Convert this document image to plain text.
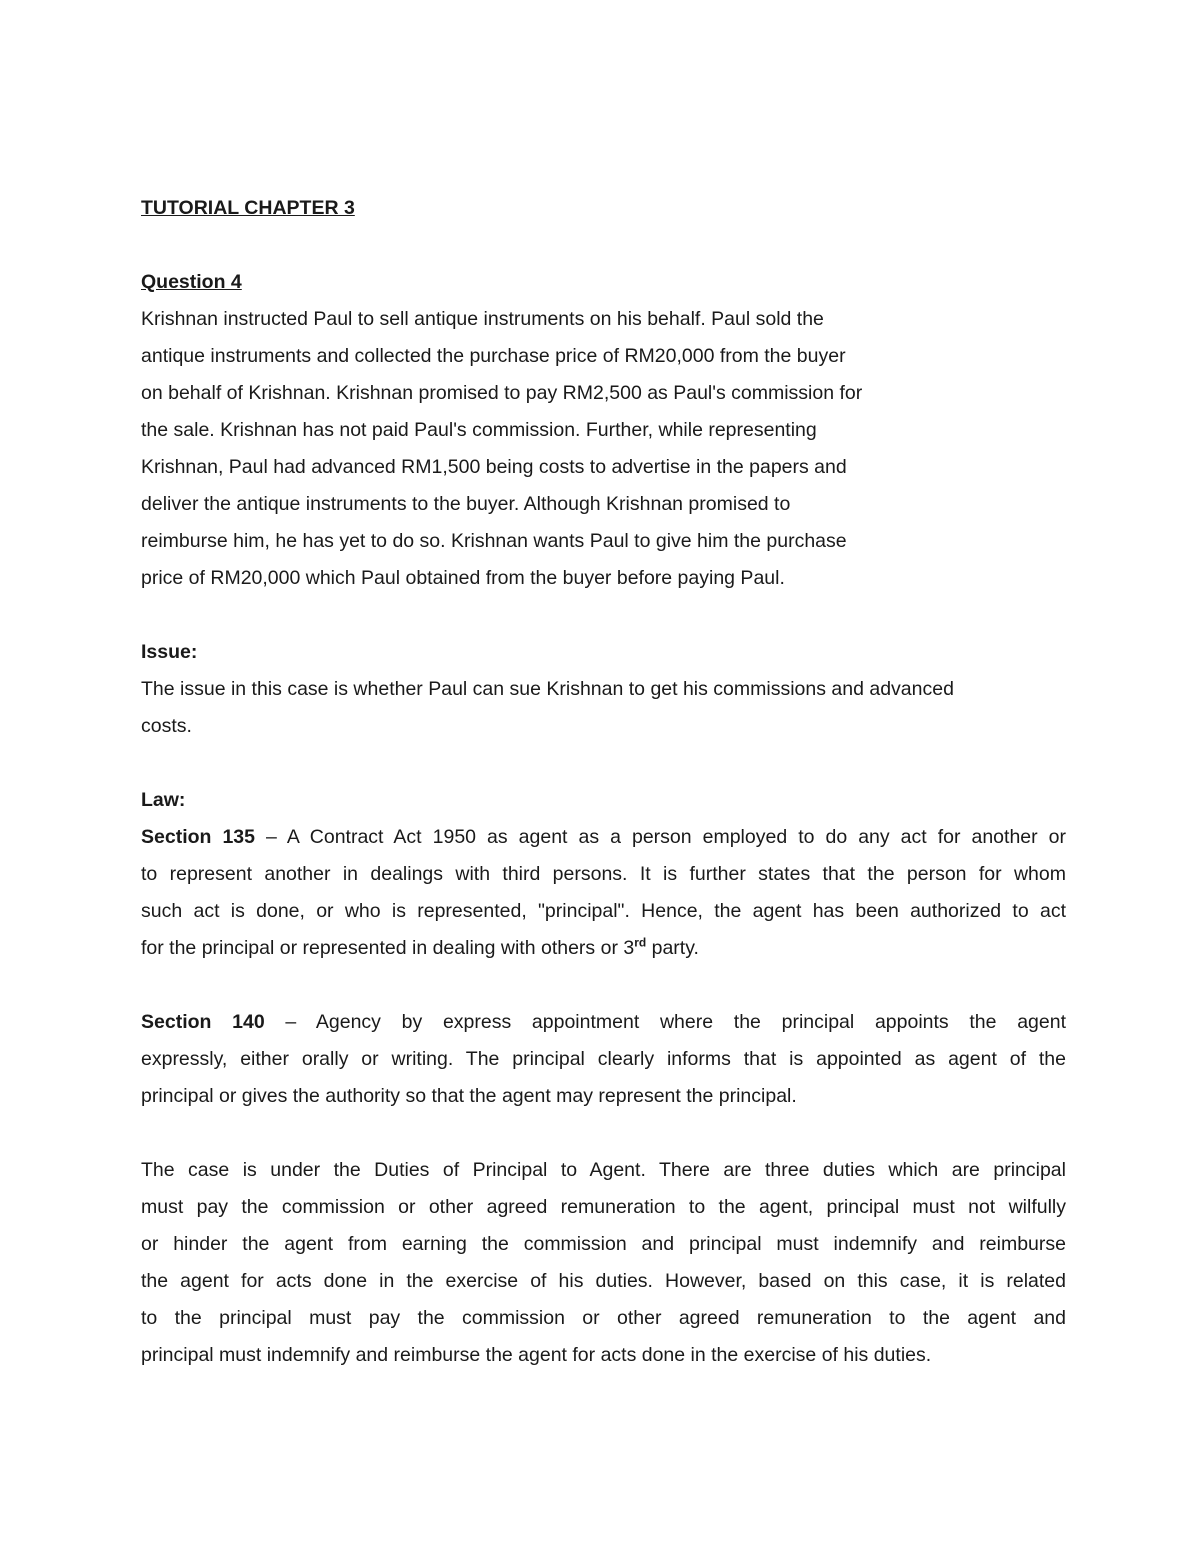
TUTORIAL CHAPTER 3
Question 4
Krishnan instructed Paul to sell antique instruments on his behalf. Paul sold the
antique instruments and collected the purchase price of RM20,000 from the buyer
on behalf of Krishnan. Krishnan promised to pay RM2,500 as Paul's commission for
the sale. Krishnan has not paid Paul's commission. Further, while representing
Krishnan, Paul had advanced RM1,500 being costs to advertise in the papers and
deliver the antique instruments to the buyer. Although Krishnan promised to
reimburse him, he has yet to do so. Krishnan wants Paul to give him the purchase
price of RM20,000 which Paul obtained from the buyer before paying Paul.
Issue:
The issue in this case is whether Paul can sue Krishnan to get his commissions and advanced
costs.
Law:
Section 135 – A Contract Act 1950 as agent as a person employed to do any act for another or
to represent another in dealings with third persons. It is further states that the person for whom
such act is done, or who is represented, "principal". Hence, the agent has been authorized to act
for the principal or represented in dealing with others or 3rd party.
Section 140 – Agency by express appointment where the principal appoints the agent
expressly, either orally or writing. The principal clearly informs that is appointed as agent of the
principal or gives the authority so that the agent may represent the principal.
The case is under the Duties of Principal to Agent. There are three duties which are principal
must pay the commission or other agreed remuneration to the agent, principal must not wilfully
or hinder the agent from earning the commission and principal must indemnify and reimburse
the agent for acts done in the exercise of his duties. However, based on this case, it is related
to the principal must pay the commission or other agreed remuneration to the agent and
principal must indemnify and reimburse the agent for acts done in the exercise of his duties.
